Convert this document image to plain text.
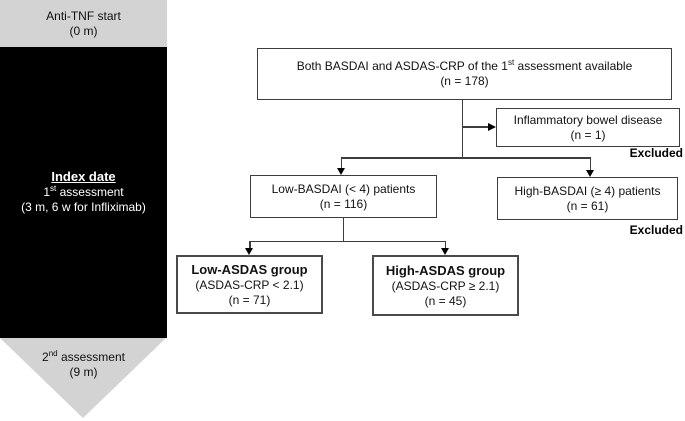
Anti-TNF start
(0 m)
Index date
1st assessment
(3 m, 6 w for Infliximab)
2nd assessment
(9 m)
Both BASDAI and ASDAS-CRP of the 1st assessment available
(n = 178)
Inflammatory bowel disease
(n = 1)
Excluded
Low-BASDAI (< 4) patients
(n = 116)
High-BASDAI (≥ 4) patients
(n = 61)
Excluded
Low-ASDAS group
(ASDAS-CRP < 2.1)
(n = 71)
High-ASDAS group
(ASDAS-CRP ≥ 2.1)
(n = 45)
